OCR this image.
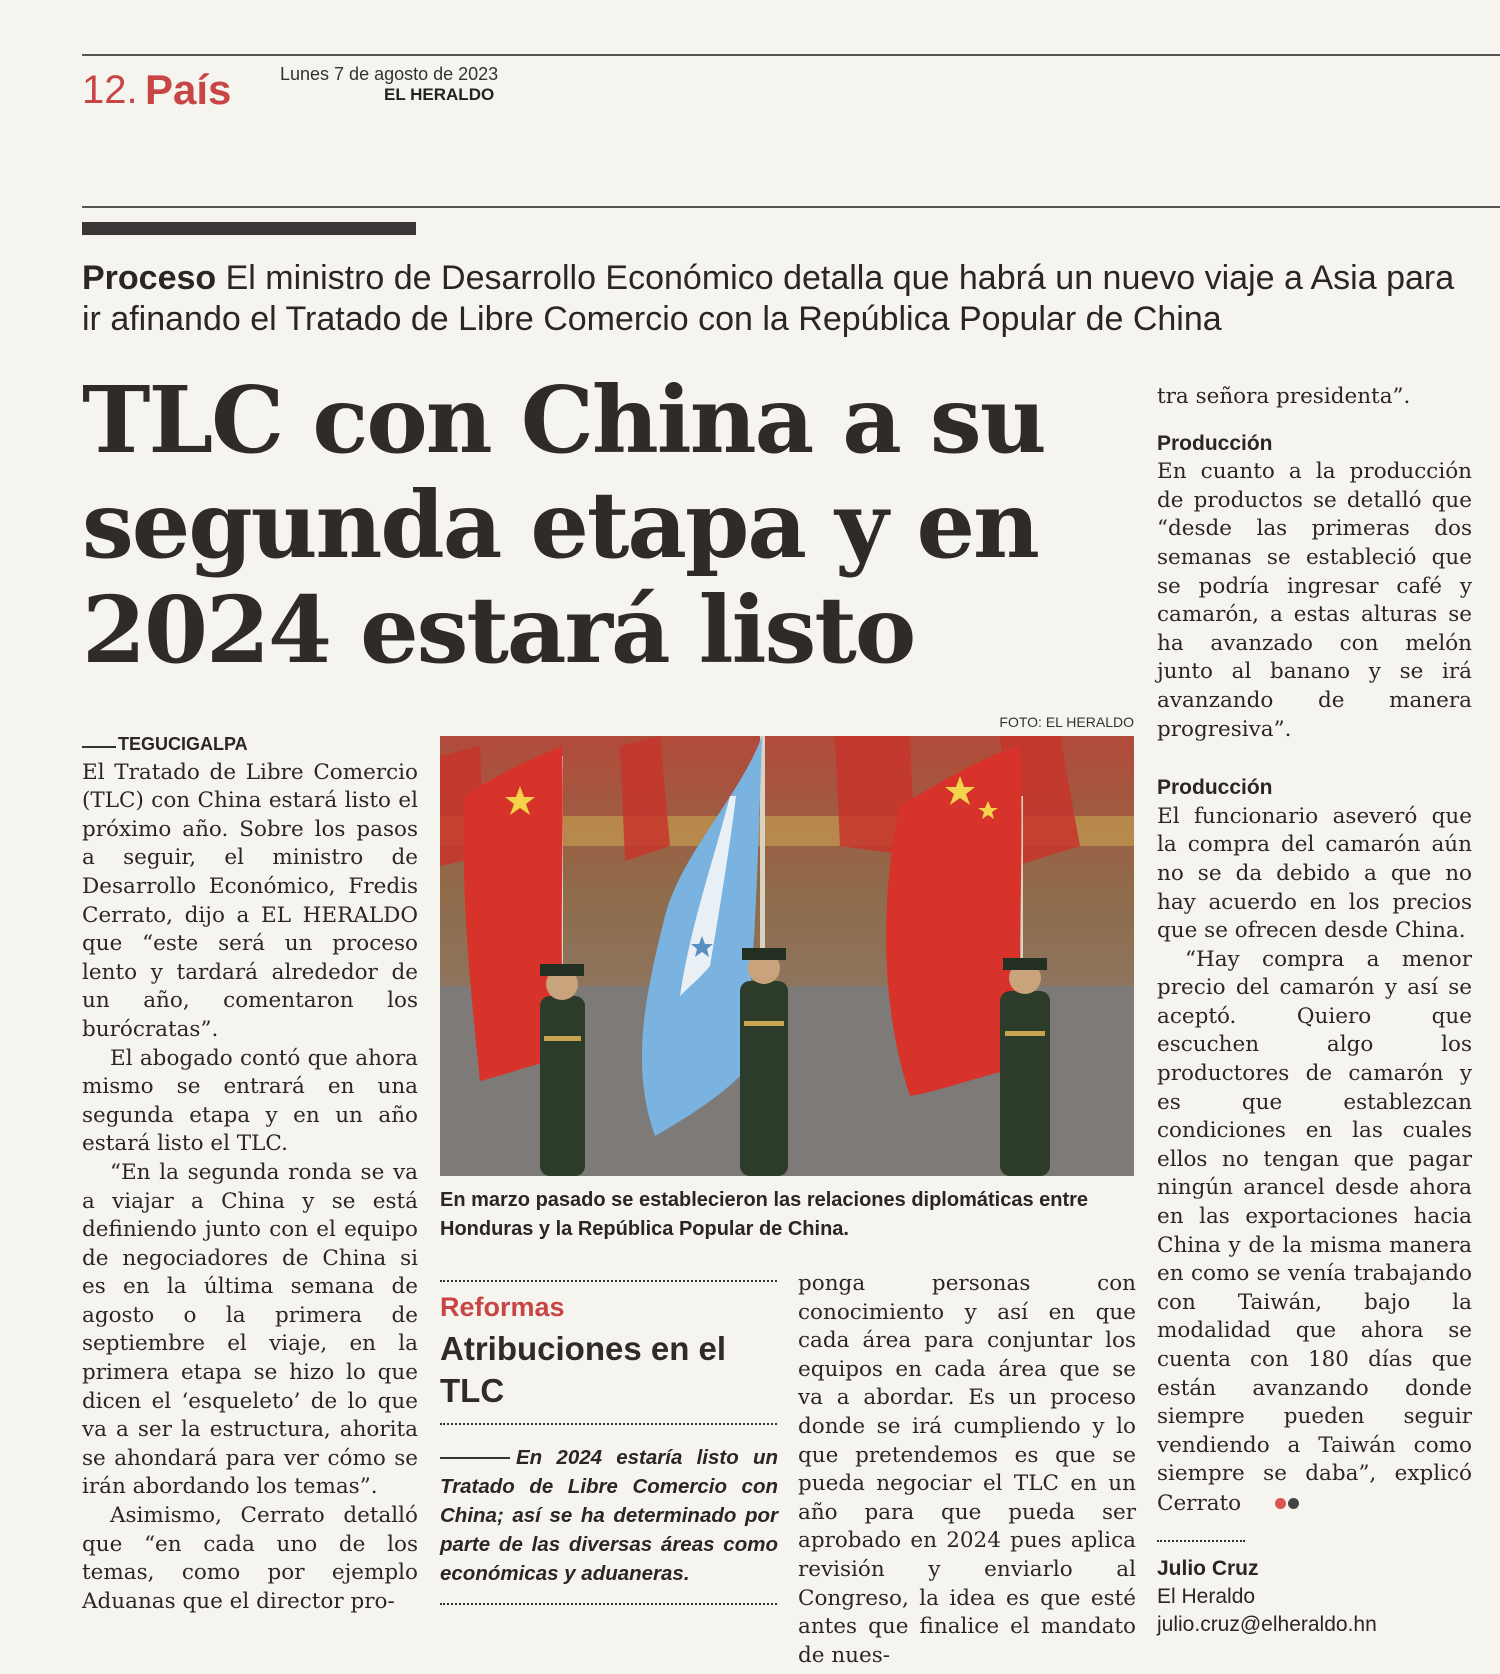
12. País	Lunes 7 de agosto de 2023
EL HERALDO
Proceso El ministro de Desarrollo Económico detalla que habrá un nuevo viaje a Asia para ir afinando el Tratado de Libre Comercio con la República Popular de China
TLC con China a su segunda etapa y en 2024 estará listo

TEGUCIGALPA

El Tratado de Libre Comercio (TLC) con China estará listo el próximo año. Sobre los pasos a seguir, el ministro de Desarrollo Económico, Fredis Cerrato, dijo a EL HERALDO que “este será un proceso lento y tardará alrededor de un año, comentaron los burócratas”.

El abogado contó que ahora mismo se entrará en una segunda etapa y en un año estará listo el TLC.

“En la segunda ronda se va a viajar a China y se está definiendo junto con el equipo de negociadores de China si es en la última semana de agosto o la primera de septiembre el viaje, en la primera etapa se hizo lo que dicen el ‘esqueleto’ de lo que va a ser la estructura, ahorita se ahondará para ver cómo se irán abordando los temas”.

Asimismo, Cerrato detalló que “en cada uno de los temas, como por ejemplo Aduanas que el director pro-

FOTO: EL HERALDO
En marzo pasado se establecieron las relaciones diplomáticas entre Honduras y la República Popular de China.
Reformas
Atribuciones en el TLC
En 2024 estaría listo un Tratado de Libre Comercio con China; así se ha determinado por parte de las diversas áreas como económicas y aduaneras.

ponga personas con conocimiento y así en que cada área para conjuntar los equipos en cada área que se va a abordar. Es un proceso donde se irá cumpliendo y lo que pretendemos es que se pueda negociar el TLC en un año para que pueda ser aprobado en 2024 pues aplica revisión y enviarlo al Congreso, la idea es que esté antes que finalice el mandato de nues-

tra señora presidenta”.

Producción

En cuanto a la producción de productos se detalló que “desde las primeras dos semanas se estableció que se podría ingresar café y camarón, a estas alturas se ha avanzado con melón junto al banano y se irá avanzando de manera progresiva”.

Producción

El funcionario aseveró que la compra del camarón aún no se da debido a que no hay acuerdo en los precios que se ofrecen desde China.

“Hay compra a menor precio del camarón y así se aceptó. Quiero que escuchen algo los productores de camarón y es que establezcan condiciones en las cuales ellos no tengan que pagar ningún arancel desde ahora en las exportaciones hacia China y de la misma manera en como se venía trabajando con Taiwán, bajo la modalidad que ahora se cuenta con 180 días que están avanzando donde siempre pueden seguir vendiendo a Taiwán como siempre se daba”, explicó Cerrato

Julio Cruz
El Heraldo
julio.cruz@elheraldo.hn
